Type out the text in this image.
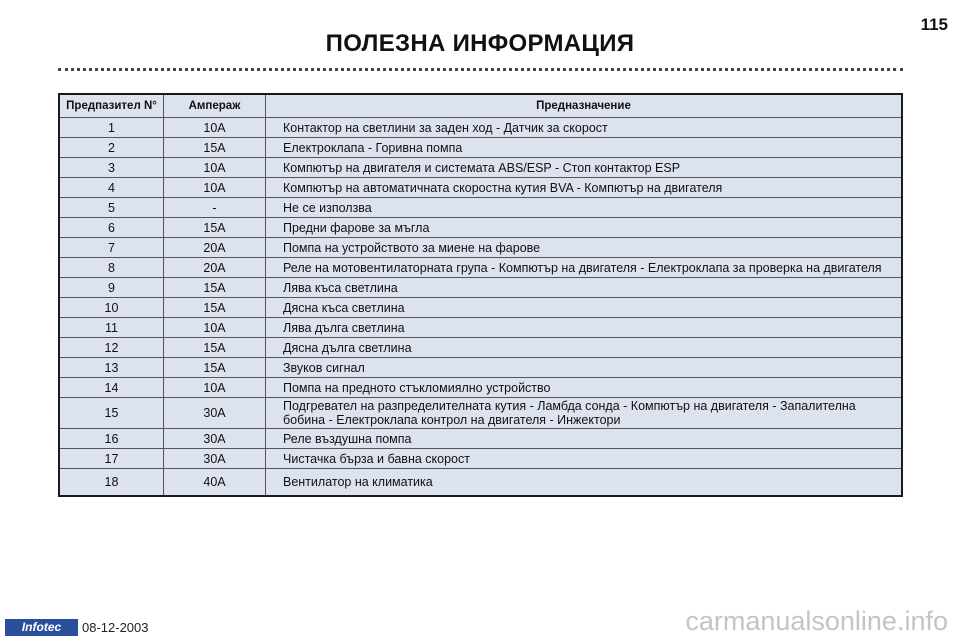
115
ПОЛЕЗНА ИНФОРМАЦИЯ
Предпазител N°	Ампераж	Предназначение
1	10A	Контактор на светлини за заден ход - Датчик за скорост
2	15A	Електроклапа - Горивна помпа
3	10A	Компютър на двигателя и системата ABS/ESP - Стоп контактор ESP
4	10A	Компютър на автоматичната скоростна кутия BVA - Компютър на двигателя
5	-	Не се използва
6	15A	Предни фарове за мъгла
7	20A	Помпа на устройството за миене на фарове
8	20A	Реле на мотовентилаторната група - Компютър на двигателя - Електроклапа за проверка на двигателя
9	15A	Лява къса светлина
10	15A	Дясна къса светлина
11	10A	Лява дълга светлина
12	15A	Дясна дълга светлина
13	15A	Звуков сигнал
14	10A	Помпа на предното стъкломиялно устройство
15	30A	Подгревател на разпределителната кутия - Ламбда сонда - Компютър на двигателя - Запалителна бобина - Електроклапа контрол на двигателя - Инжектори
16	30A	Реле въздушна помпа
17	30A	Чистачка бърза и бавна скорост
18	40A	Вентилатор на климатика
Infotec	08-12-2003	carmanualsonline.info
